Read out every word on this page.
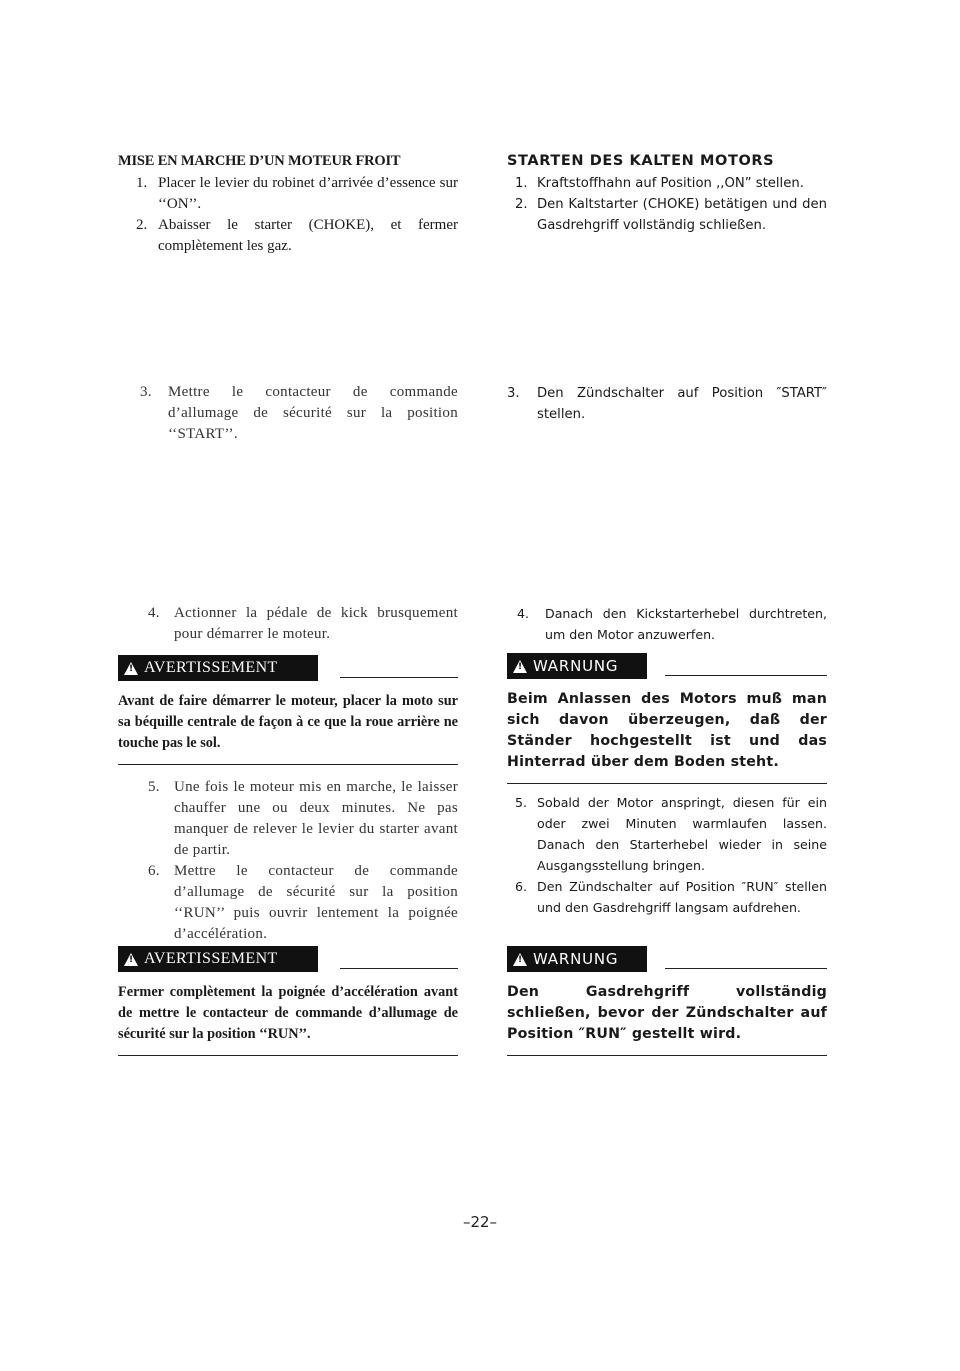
MISE EN MARCHE D’UN MOTEUR FROIT
1. Placer le levier du robinet d’arrivée d’essence sur ‘‘ON’’.
2. Abaisser le starter (CHOKE), et fermer complètement les gaz.
3.	Mettre le contacteur de commande d’allumage de sécurité sur la position ‘‘START’’.
4. Actionner la pédale de kick brusquement pour démarrer le moteur.
!
AVERTISSEMENT
Avant de faire démarrer le moteur, placer la moto sur sa béquille centrale de façon à ce que la roue arrière ne touche pas le sol.
5. Une fois le moteur mis en marche, le laisser chauffer une ou deux minutes. Ne pas manquer de relever le levier du starter avant de partir.
6. Mettre le contacteur de commande d’allumage de sécurité sur la position ‘‘RUN’’ puis ouvrir lentement la poignée d’accélération.
!
AVERTISSEMENT
Fermer complètement la poignée d’accélération avant de mettre le contacteur de commande d’allumage de sécurité sur la position ‘‘RUN’’.
STARTEN DES KALTEN MOTORS
1. Kraftstoffhahn auf Position ,,ON” stellen.
2. Den Kaltstarter (CHOKE) betätigen und den Gasdrehgriff vollständig schließen.
3.	Den Zündschalter auf Position ″START″ stellen.
4.	Danach den Kickstarterhebel durchtreten, um den Motor anzuwerfen.
!
WARNUNG
Beim Anlassen des Motors muß man sich davon überzeugen, daß der Ständer hochgestellt ist und das Hinterrad über dem Boden steht.
5. Sobald der Motor anspringt, diesen für ein oder zwei Minuten warmlaufen lassen. Danach den Starterhebel wieder in seine Ausgangsstellung bringen.
6. Den Zündschalter auf Position ″RUN″ stellen und den Gasdrehgriff langsam aufdrehen.
!
WARNUNG
Den Gasdrehgriff vollständig schließen, bevor der Zündschalter auf Position ″RUN″ gestellt wird.
–22–
